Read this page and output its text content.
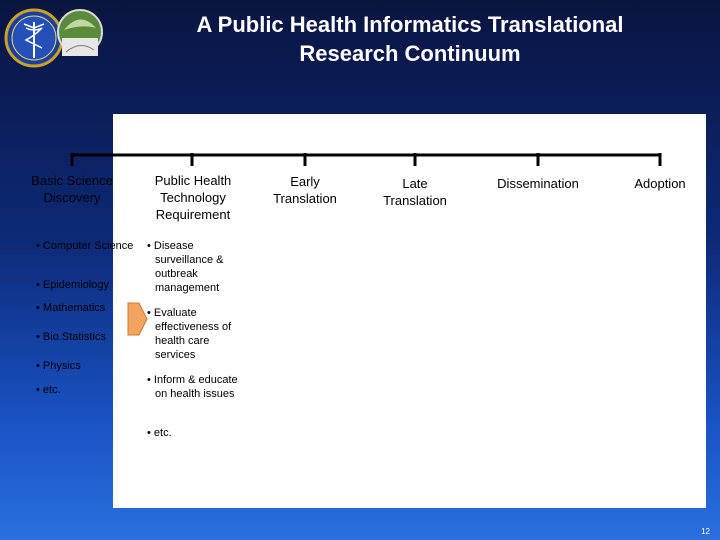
A Public Health Informatics Translational
Research Continuum
Basic Science
Discovery
Public Health
Technology
Requirement
Early
Translation
Late
Translation
Dissemination	Adoption
• Computer Science
• Epidemiology
• Mathematics
• Bio.Statistics
• Physics
• etc.
• Disease surveillance & outbreak management
• Evaluate effectiveness of health care services
• Inform & educate on health issues
• etc.
12
